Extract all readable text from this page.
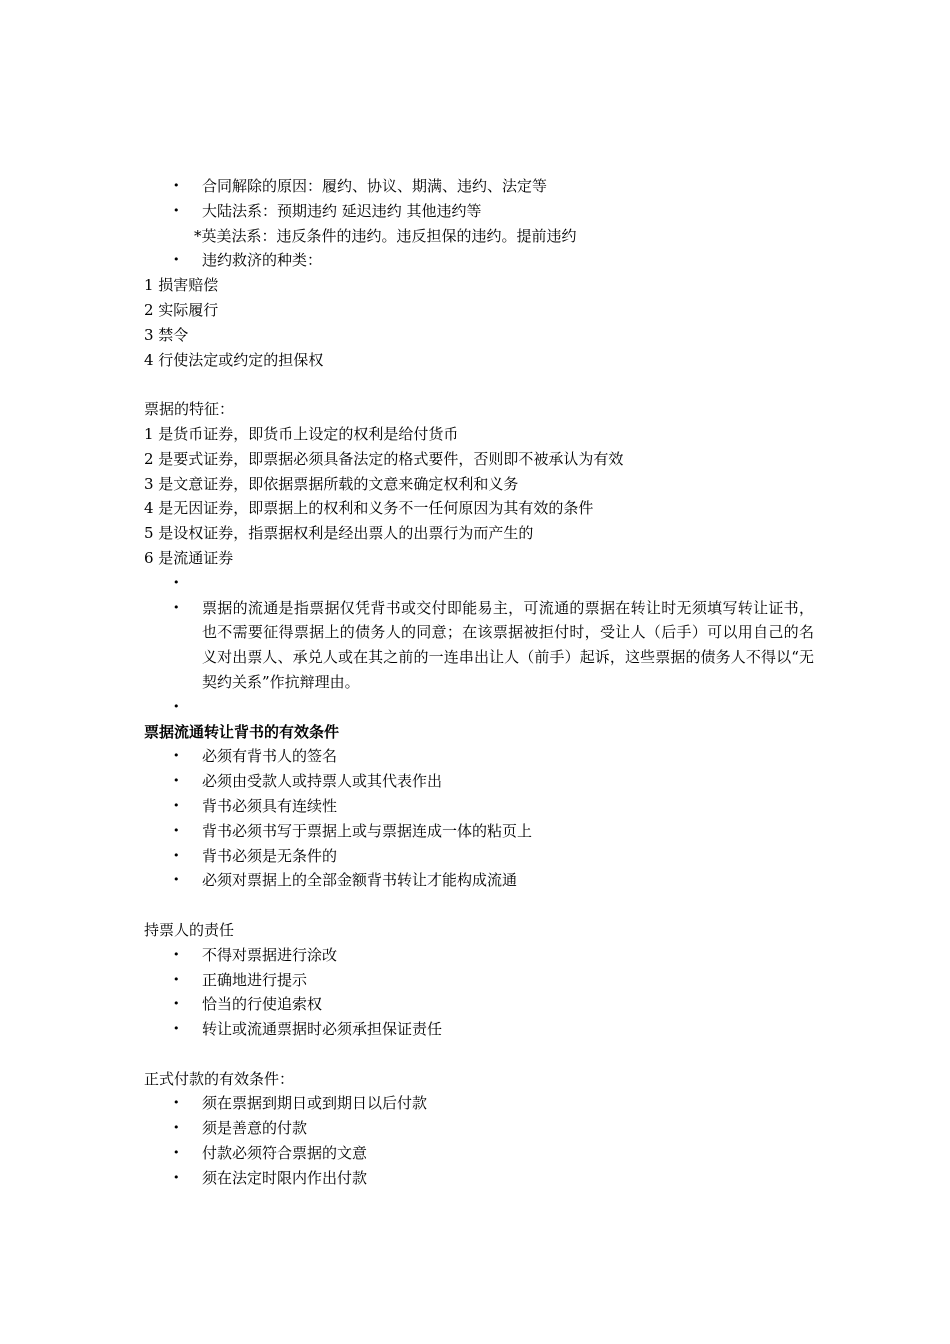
• 合同解除的原因：履约、协议、期满、违约、法定等
• 大陆法系：预期违约 延迟违约 其他违约等
*英美法系：违反条件的违约。违反担保的违约。提前违约
• 违约救济的种类：
1 损害赔偿
2 实际履行
3 禁令
4 行使法定或约定的担保权
票据的特征：
1 是货币证券，即货币上设定的权利是给付货币
2 是要式证券，即票据必须具备法定的格式要件，否则即不被承认为有效
3 是文意证券，即依据票据所载的文意来确定权利和义务
4 是无因证券，即票据上的权利和义务不一任何原因为其有效的条件
5 是设权证券，指票据权利是经出票人的出票行为而产生的
6 是流通证券
•
• 票据的流通是指票据仅凭背书或交付即能易主，可流通的票据在转让时无须填写转让证书，也不需要征得票据上的债务人的同意；在该票据被拒付时，受让人（后手）可以用自己的名义对出票人、承兑人或在其之前的一连串出让人（前手）起诉，这些票据的债务人不得以“无契约关系”作抗辩理由。
•
票据流通转让背书的有效条件
• 必须有背书人的签名
• 必须由受款人或持票人或其代表作出
• 背书必须具有连续性
• 背书必须书写于票据上或与票据连成一体的粘页上
• 背书必须是无条件的
• 必须对票据上的全部金额背书转让才能构成流通
持票人的责任
• 不得对票据进行涂改
• 正确地进行提示
• 恰当的行使追索权
• 转让或流通票据时必须承担保证责任
正式付款的有效条件：
• 须在票据到期日或到期日以后付款
• 须是善意的付款
• 付款必须符合票据的文意
• 须在法定时限内作出付款
